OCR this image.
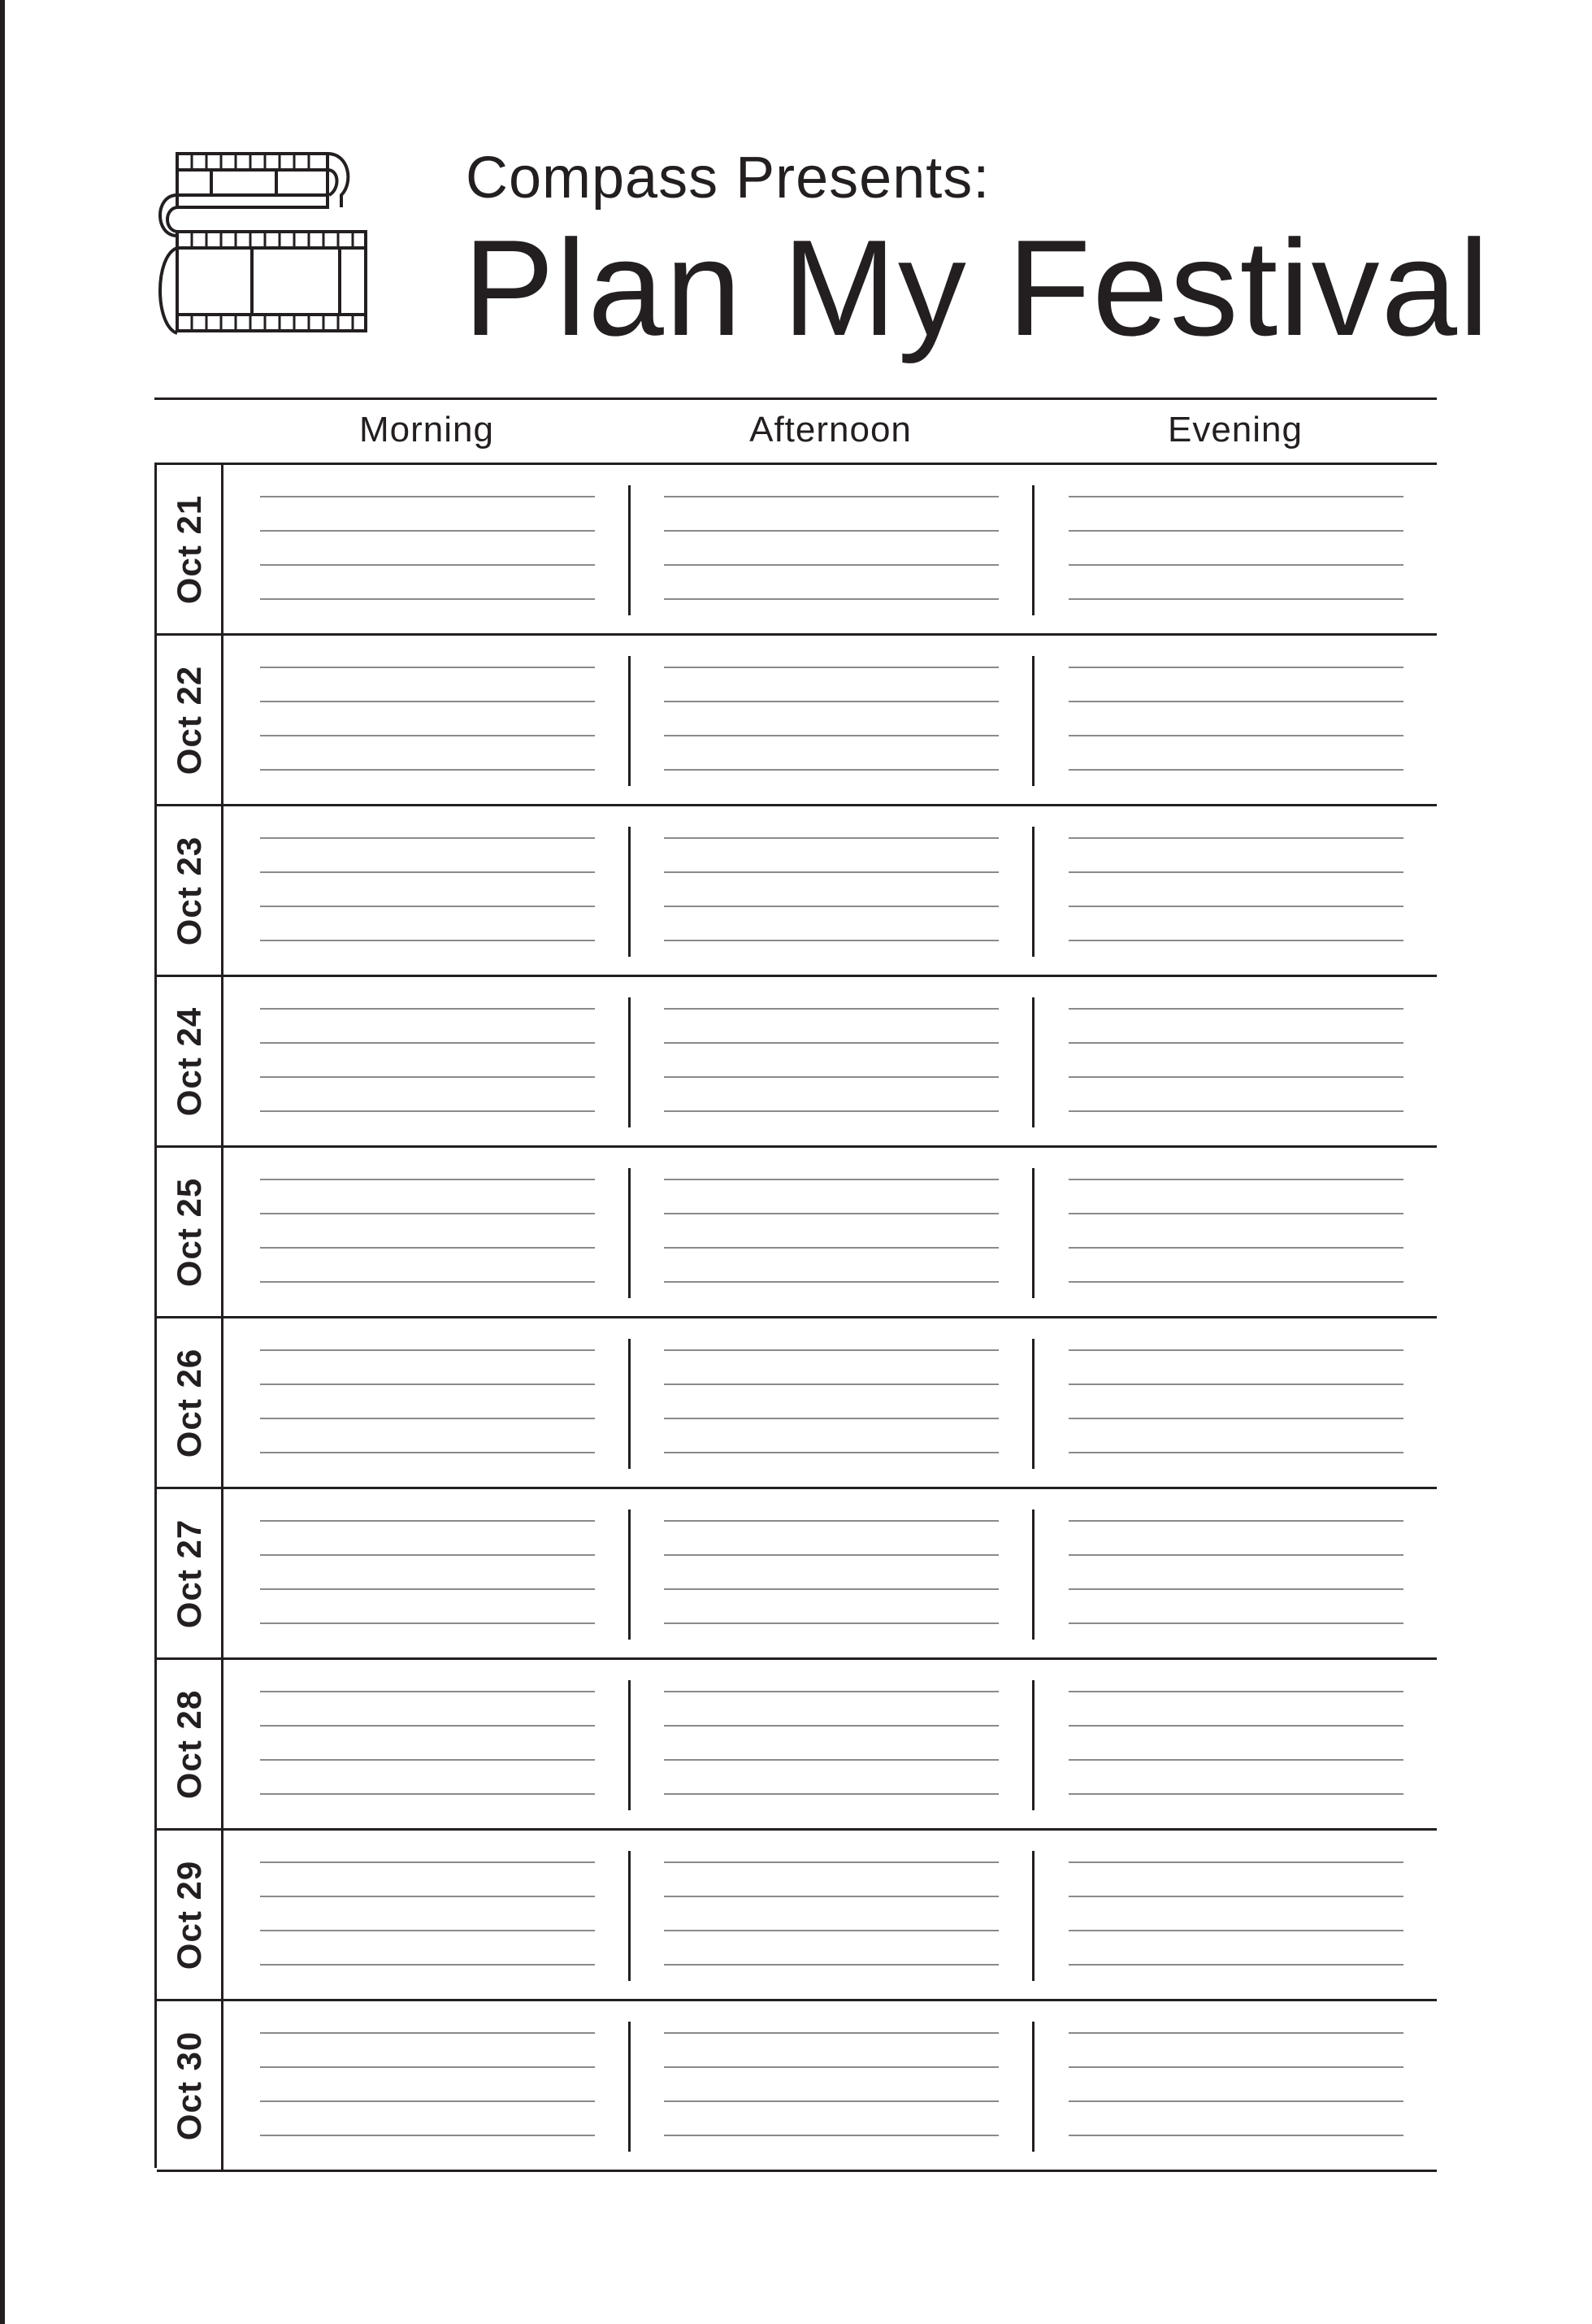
Compass Presents:
Plan My Festival
Morning	Afternoon	Evening
Oct 21
Oct 22
Oct 23
Oct 24
Oct 25
Oct 26
Oct 27
Oct 28
Oct 29
Oct 30
